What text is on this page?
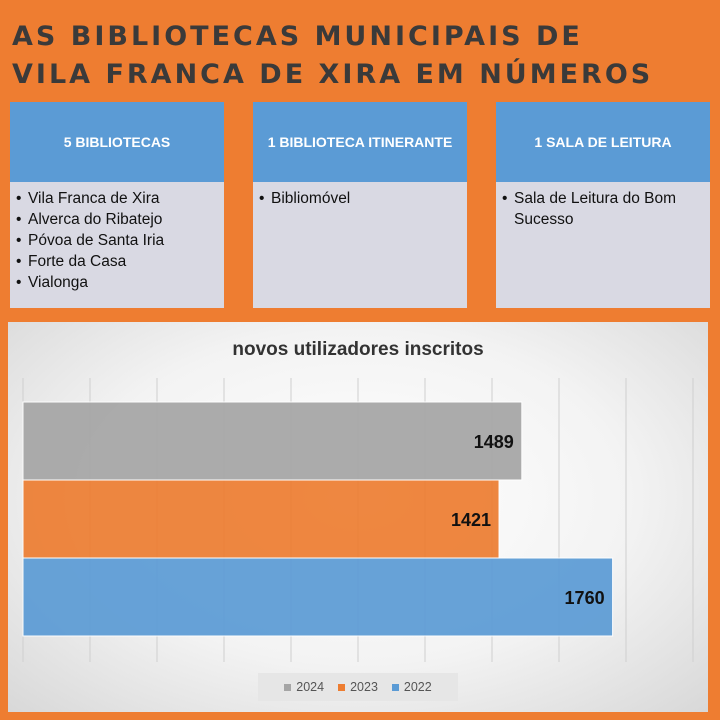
AS BIBLIOTECAS MUNICIPAIS DE
VILA FRANCA DE XIRA EM NÚMEROS
5 BIBLIOTECAS
• Vila Franca de Xira
• Alverca do Ribatejo
• Póvoa de Santa Iria
• Forte da Casa
• Vialonga
1 BIBLIOTECA ITINERANTE
• Bibliomóvel
1 SALA DE LEITURA
• Sala de Leitura do Bom Sucesso
novos utilizadores inscritos
1489
1421
1760
2024 2023 2022
